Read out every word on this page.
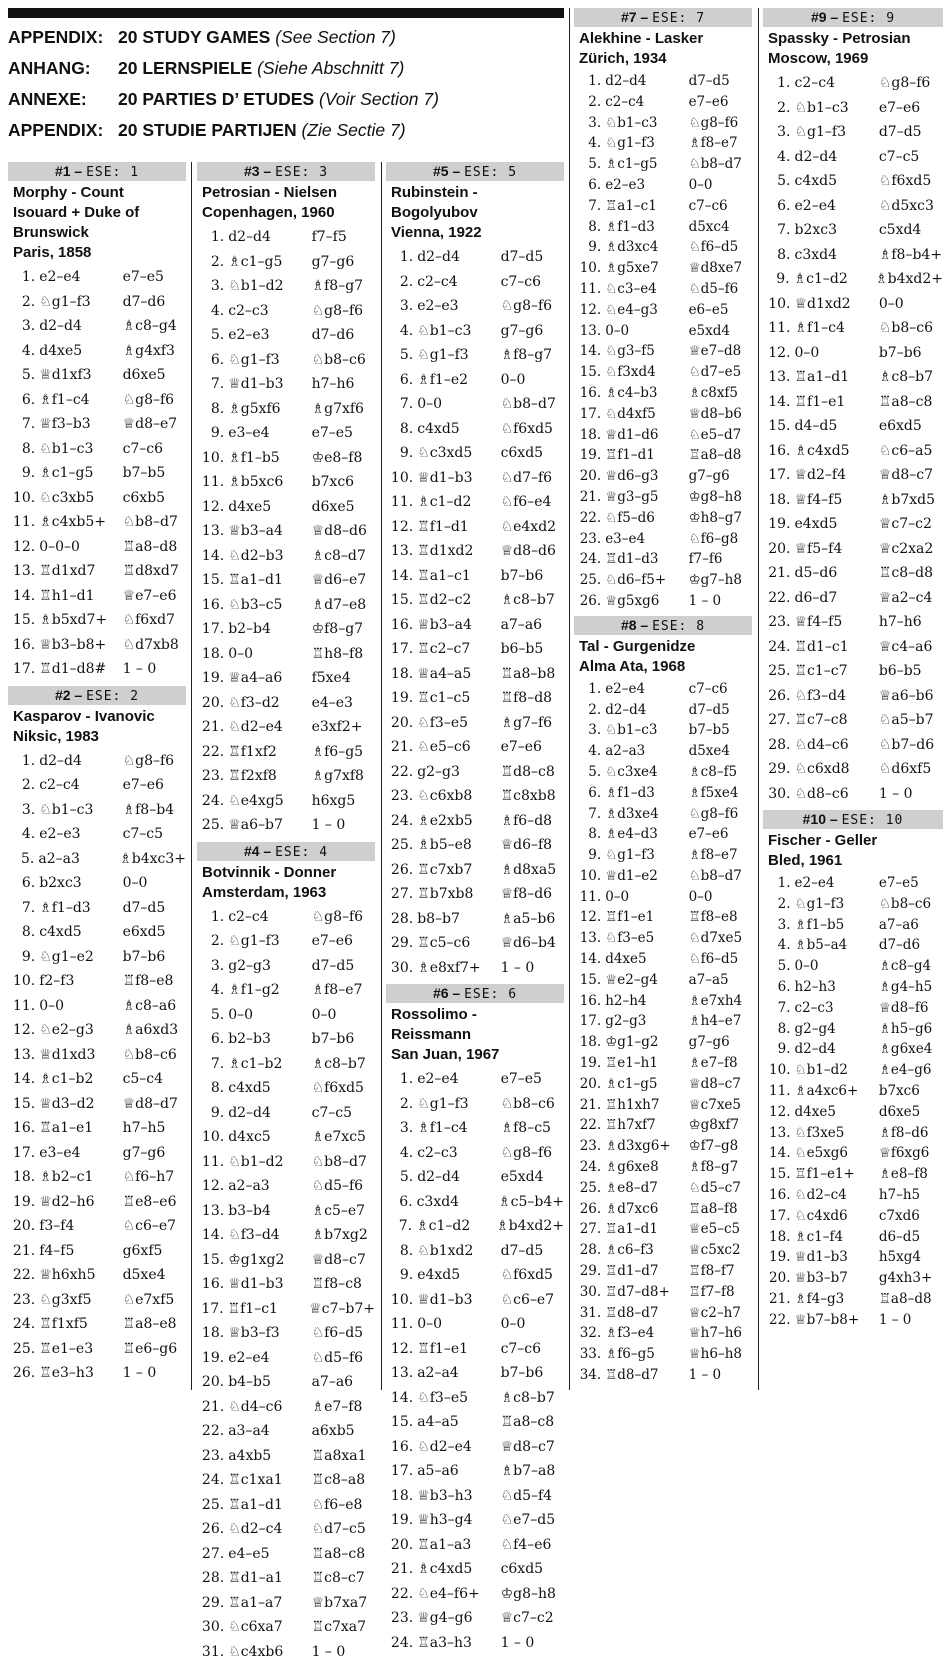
APPENDIX: 20 STUDY GAMES (See Section 7)
ANHANG: 20 LERNSPIELE (Siehe Abschnitt 7)
ANNEXE: 20 PARTIES D’ ETUDES (Voir Section 7)
APPENDIX: 20 STUDIE PARTIJEN (Zie Sectie 7)
#1 – ESE: 1
Morphy - Count
Isouard + Duke of
Brunswick
Paris, 1858
1. e2–e4	e7–e5
2. ♘g1–f3	d7–d6
3. d2–d4	♗c8–g4
4. d4xe5	♗g4xf3
5. ♕d1xf3	d6xe5
6. ♗f1–c4	♘g8–f6
7. ♕f3–b3	♕d8–e7
8. ♘b1–c3	c7–c6
9. ♗c1–g5	b7–b5
10. ♘c3xb5	c6xb5
11. ♗c4xb5+	♘b8–d7
12. 0–0–0	♖a8–d8
13. ♖d1xd7	♖d8xd7
14. ♖h1–d1	♕e7–e6
15. ♗b5xd7+	♘f6xd7
16. ♕b3–b8+	♘d7xb8
17. ♖d1–d8#	1 – 0
#2 – ESE: 2
Kasparov - Ivanovic
Niksic, 1983
1. d2–d4	♘g8–f6
2. c2–c4	e7–e6
3. ♘b1–c3	♗f8–b4
4. e2–e3	c7–c5
5. a2–a3	♗b4xc3+
6. b2xc3	0–0
7. ♗f1–d3	d7–d5
8. c4xd5	e6xd5
9. ♘g1–e2	b7–b6
10. f2–f3	♖f8–e8
11. 0–0	♗c8–a6
12. ♘e2–g3	♗a6xd3
13. ♕d1xd3	♘b8–c6
14. ♗c1–b2	c5–c4
15. ♕d3–d2	♕d8–d7
16. ♖a1–e1	h7–h5
17. e3–e4	g7–g6
18. ♗b2–c1	♘f6–h7
19. ♕d2–h6	♖e8–e6
20. f3–f4	♘c6–e7
21. f4–f5	g6xf5
22. ♕h6xh5	d5xe4
23. ♘g3xf5	♘e7xf5
24. ♖f1xf5	♖a8–e8
25. ♖e1–e3	♖e6–g6
26. ♖e3–h3	1 – 0
#3 – ESE: 3
Petrosian - Nielsen
Copenhagen, 1960
1. d2–d4	f7–f5
2. ♗c1–g5	g7–g6
3. ♘b1–d2	♗f8–g7
4. c2–c3	♘g8–f6
5. e2–e3	d7–d6
6. ♘g1–f3	♘b8–c6
7. ♕d1–b3	h7–h6
8. ♗g5xf6	♗g7xf6
9. e3–e4	e7–e5
10. ♗f1–b5	♔e8–f8
11. ♗b5xc6	b7xc6
12. d4xe5	d6xe5
13. ♕b3–a4	♕d8–d6
14. ♘d2–b3	♗c8–d7
15. ♖a1–d1	♕d6–e7
16. ♘b3–c5	♗d7–e8
17. b2–b4	♔f8–g7
18. 0–0	♖h8–f8
19. ♕a4–a6	f5xe4
20. ♘f3–d2	e4–e3
21. ♘d2–e4	e3xf2+
22. ♖f1xf2	♗f6–g5
23. ♖f2xf8	♗g7xf8
24. ♘e4xg5	h6xg5
25. ♕a6–b7	1 – 0
#4 – ESE: 4
Botvinnik - Donner
Amsterdam, 1963
1. c2–c4	♘g8–f6
2. ♘g1–f3	e7–e6
3. g2–g3	d7–d5
4. ♗f1–g2	♗f8–e7
5. 0–0	0–0
6. b2–b3	b7–b6
7. ♗c1–b2	♗c8–b7
8. c4xd5	♘f6xd5
9. d2–d4	c7–c5
10. d4xc5	♗e7xc5
11. ♘b1–d2	♘b8–d7
12. a2–a3	♘d5–f6
13. b3–b4	♗c5–e7
14. ♘f3–d4	♗b7xg2
15. ♔g1xg2	♕d8–c7
16. ♕d1–b3	♖f8–c8
17. ♖f1–c1	♕c7–b7+
18. ♕b3–f3	♘f6–d5
19. e2–e4	♘d5–f6
20. b4–b5	a7–a6
21. ♘d4–c6	♗e7–f8
22. a3–a4	a6xb5
23. a4xb5	♖a8xa1
24. ♖c1xa1	♖c8–a8
25. ♖a1–d1	♘f6–e8
26. ♘d2–c4	♘d7–c5
27. e4–e5	♖a8–c8
28. ♖d1–a1	♖c8–c7
29. ♖a1–a7	♕b7xa7
30. ♘c6xa7	♖c7xa7
31. ♘c4xb6	1 – 0
#5 – ESE: 5
Rubinstein -
Bogolyubov
Vienna, 1922
1. d2–d4	d7–d5
2. c2–c4	c7–c6
3. e2–e3	♘g8–f6
4. ♘b1–c3	g7–g6
5. ♘g1–f3	♗f8–g7
6. ♗f1–e2	0–0
7. 0–0	♘b8–d7
8. c4xd5	♘f6xd5
9. ♘c3xd5	c6xd5
10. ♕d1–b3	♘d7–f6
11. ♗c1–d2	♘f6–e4
12. ♖f1–d1	♘e4xd2
13. ♖d1xd2	♕d8–d6
14. ♖a1–c1	b7–b6
15. ♖d2–c2	♗c8–b7
16. ♕b3–a4	a7–a6
17. ♖c2–c7	b6–b5
18. ♕a4–a5	♖a8–b8
19. ♖c1–c5	♖f8–d8
20. ♘f3–e5	♗g7–f6
21. ♘e5–c6	e7–e6
22. g2–g3	♖d8–c8
23. ♘c6xb8	♖c8xb8
24. ♗e2xb5	♗f6–d8
25. ♗b5–e8	♕d6–f8
26. ♖c7xb7	♗d8xa5
27. ♖b7xb8	♕f8–d6
28. b8–b7	♗a5–b6
29. ♖c5–c6	♕d6–b4
30. ♗e8xf7+	1 – 0
#6 – ESE: 6
Rossolimo -
Reissmann
San Juan, 1967
1. e2–e4	e7–e5
2. ♘g1–f3	♘b8–c6
3. ♗f1–c4	♗f8–c5
4. c2–c3	♘g8–f6
5. d2–d4	e5xd4
6. c3xd4	♗c5–b4+
7. ♗c1–d2	♗b4xd2+
8. ♘b1xd2	d7–d5
9. e4xd5	♘f6xd5
10. ♕d1–b3	♘c6–e7
11. 0–0	0–0
12. ♖f1–e1	c7–c6
13. a2–a4	b7–b6
14. ♘f3–e5	♗c8–b7
15. a4–a5	♖a8–c8
16. ♘d2–e4	♕d8–c7
17. a5–a6	♗b7–a8
18. ♕b3–h3	♘d5–f4
19. ♕h3–g4	♘e7–d5
20. ♖a1–a3	♘f4–e6
21. ♗c4xd5	c6xd5
22. ♘e4–f6+	♔g8–h8
23. ♕g4–g6	♕c7–c2
24. ♖a3–h3	1 – 0
#7 – ESE: 7
Alekhine - Lasker
Zürich, 1934
1. d2–d4	d7–d5
2. c2–c4	e7–e6
3. ♘b1–c3	♘g8–f6
4. ♘g1–f3	♗f8–e7
5. ♗c1–g5	♘b8–d7
6. e2–e3	0–0
7. ♖a1–c1	c7–c6
8. ♗f1–d3	d5xc4
9. ♗d3xc4	♘f6–d5
10. ♗g5xe7	♕d8xe7
11. ♘c3–e4	♘d5–f6
12. ♘e4–g3	e6–e5
13. 0–0	e5xd4
14. ♘g3–f5	♕e7–d8
15. ♘f3xd4	♘d7–e5
16. ♗c4–b3	♗c8xf5
17. ♘d4xf5	♕d8–b6
18. ♕d1–d6	♘e5–d7
19. ♖f1–d1	♖a8–d8
20. ♕d6–g3	g7–g6
21. ♕g3–g5	♔g8–h8
22. ♘f5–d6	♔h8–g7
23. e3–e4	♘f6–g8
24. ♖d1–d3	f7–f6
25. ♘d6–f5+	♔g7–h8
26. ♕g5xg6	1 – 0
#8 – ESE: 8
Tal - Gurgenidze
Alma Ata, 1968
1. e2–e4	c7–c6
2. d2–d4	d7–d5
3. ♘b1–c3	b7–b5
4. a2–a3	d5xe4
5. ♘c3xe4	♗c8–f5
6. ♗f1–d3	♗f5xe4
7. ♗d3xe4	♘g8–f6
8. ♗e4–d3	e7–e6
9. ♘g1–f3	♗f8–e7
10. ♕d1–e2	♘b8–d7
11. 0–0	0–0
12. ♖f1–e1	♖f8–e8
13. ♘f3–e5	♘d7xe5
14. d4xe5	♘f6–d5
15. ♕e2–g4	a7–a5
16. h2–h4	♗e7xh4
17. g2–g3	♗h4–e7
18. ♔g1–g2	g7–g6
19. ♖e1–h1	♗e7–f8
20. ♗c1–g5	♕d8–c7
21. ♖h1xh7	♕c7xe5
22. ♖h7xf7	♔g8xf7
23. ♗d3xg6+	♔f7–g8
24. ♗g6xe8	♗f8–g7
25. ♗e8–d7	♘d5–c7
26. ♗d7xc6	♖a8–f8
27. ♖a1–d1	♕e5–c5
28. ♗c6–f3	♕c5xc2
29. ♖d1–d7	♖f8–f7
30. ♖d7–d8+	♖f7–f8
31. ♖d8–d7	♕c2–h7
32. ♗f3–e4	♕h7–h6
33. ♗f6–g5	♕h6–h8
34. ♖d8–d7	1 – 0
#9 – ESE: 9
Spassky - Petrosian
Moscow, 1969
1. c2–c4	♘g8–f6
2. ♘b1–c3	e7–e6
3. ♘g1–f3	d7–d5
4. d2–d4	c7–c5
5. c4xd5	♘f6xd5
6. e2–e4	♘d5xc3
7. b2xc3	c5xd4
8. c3xd4	♗f8–b4+
9. ♗c1–d2	♗b4xd2+
10. ♕d1xd2	0–0
11. ♗f1–c4	♘b8–c6
12. 0–0	b7–b6
13. ♖a1–d1	♗c8–b7
14. ♖f1–e1	♖a8–c8
15. d4–d5	e6xd5
16. ♗c4xd5	♘c6–a5
17. ♕d2–f4	♕d8–c7
18. ♕f4–f5	♗b7xd5
19. e4xd5	♕c7–c2
20. ♕f5–f4	♕c2xa2
21. d5–d6	♖c8–d8
22. d6–d7	♕a2–c4
23. ♕f4–f5	h7–h6
24. ♖d1–c1	♕c4–a6
25. ♖c1–c7	b6–b5
26. ♘f3–d4	♕a6–b6
27. ♖c7–c8	♘a5–b7
28. ♘d4–c6	♘b7–d6
29. ♘c6xd8	♘d6xf5
30. ♘d8–c6	1 – 0
#10 – ESE: 10
Fischer - Geller
Bled, 1961
1. e2–e4	e7–e5
2. ♘g1–f3	♘b8–c6
3. ♗f1–b5	a7–a6
4. ♗b5–a4	d7–d6
5. 0–0	♗c8–g4
6. h2–h3	♗g4–h5
7. c2–c3	♕d8–f6
8. g2–g4	♗h5–g6
9. d2–d4	♗g6xe4
10. ♘b1–d2	♗e4–g6
11. ♗a4xc6+	b7xc6
12. d4xe5	d6xe5
13. ♘f3xe5	♗f8–d6
14. ♘e5xg6	♕f6xg6
15. ♖f1–e1+	♗e8–f8
16. ♘d2–c4	h7–h5
17. ♘c4xd6	c7xd6
18. ♗c1–f4	d6–d5
19. ♕d1–b3	h5xg4
20. ♕b3–b7	g4xh3+
21. ♗f4–g3	♖a8–d8
22. ♕b7–b8+	1 – 0
